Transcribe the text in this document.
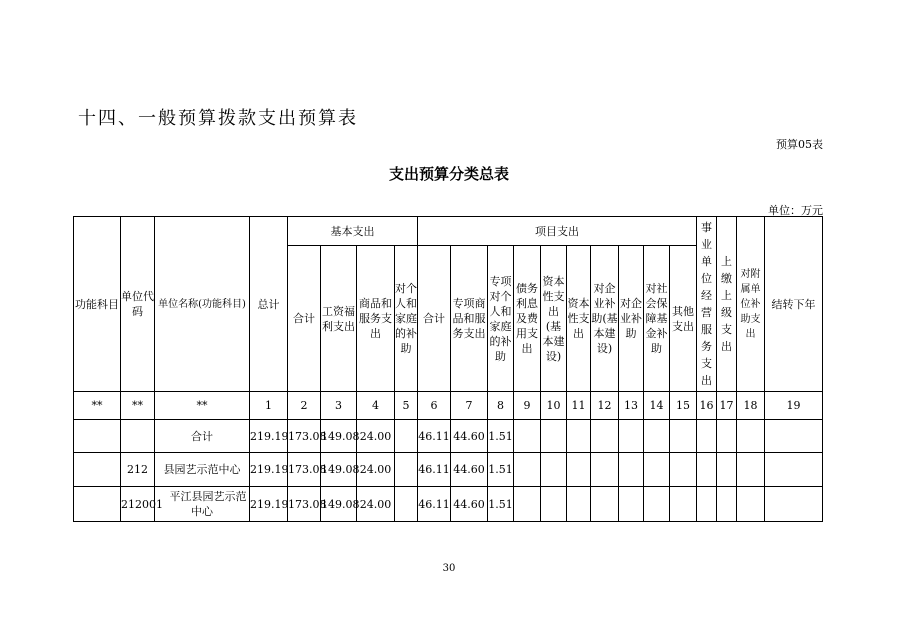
十四、一般预算拨款支出预算表
预算05表
支出预算分类总表
单位：万元
功能科目	单位代码	单位名称(功能科目)	总计	基本支出				项目支出										事业单位经营服务支出	上缴上级支出	对附属单位补助支出	结转下年
				合计	工资福利支出	商品和服务支出	对个人和家庭的补助	合计	专项商品和服务支出	专项对个人和家庭的补助	债务利息及费用支出	资本性支出(基本建设)	资本性支出	对企业补助(基本建设)	对企业补助	对社会保障基金补助	其他支出				
**	**	**	1	2	3	4	5	6	7	8	9	10	11	12	13	14	15	16	17	18	19
		合计	219.19	173.08	149.08	24.00		46.11	44.60	1.51											
	212	县园艺示范中心	219.19	173.08	149.08	24.00		46.11	44.60	1.51											
	212001	平江县园艺示范中心	219.19	173.08	149.08	24.00		46.11	44.60	1.51											
30
